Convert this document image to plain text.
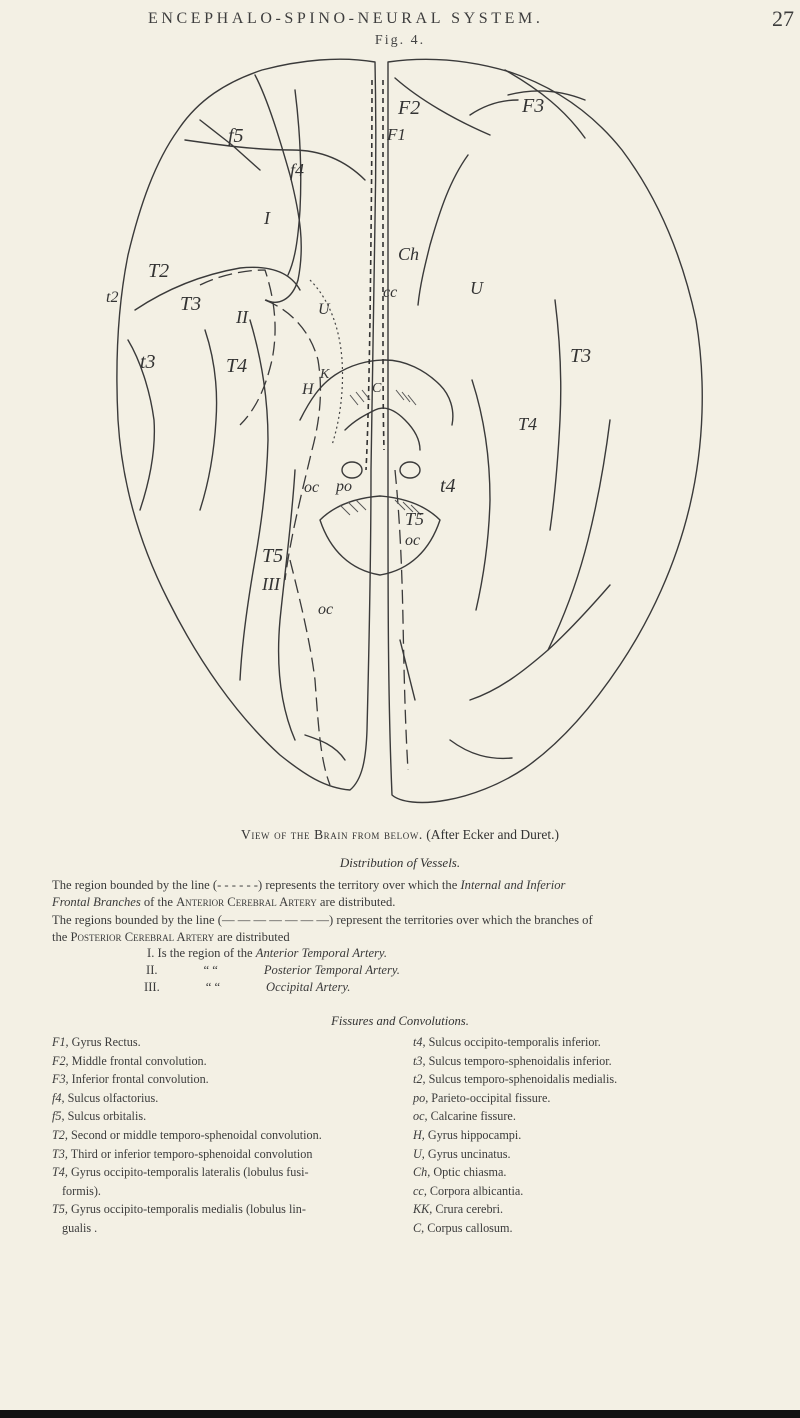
ENCEPHALO-SPINO-NEURAL SYSTEM.	27
Fig. 4.
f5
f4
F2
F1
F3
I
T2
t2	T3
II	U
Ch
cc	U
t3	T4	K
H	C
T3
T4
oc po	t4
T5
oc
T5
III
oc
View of the Brain from below. (After Ecker and Duret.)
Distribution of Vessels.
The region bounded by the line (- - - - - -) represents the territory over which the Internal and Inferior
Frontal Branches of the Anterior Cerebral Artery are distributed.
The regions bounded by the line (— — — — — — —) represent the territories over which the branches of
the Posterior Cerebral Artery are distributed
I. Is the region of the Anterior Temporal Artery.
II.	“ “	Posterior Temporal Artery.
III.	“ “	Occipital Artery.
Fissures and Convolutions.
F1, Gyrus Rectus.
F2, Middle frontal convolution.
F3, Inferior frontal convolution.
f4, Sulcus olfactorius.
f5, Sulcus orbitalis.
T2, Second or middle temporo-sphenoidal convolution.
T3, Third or inferior temporo-sphenoidal convolution
T4, Gyrus occipito-temporalis lateralis (lobulus fusi-
formis).
T5, Gyrus occipito-temporalis medialis (lobulus lin-
gualis .
t4, Sulcus occipito-temporalis inferior.
t3, Sulcus temporo-sphenoidalis inferior.
t2, Sulcus temporo-sphenoidalis medialis.
po, Parieto-occipital fissure.
oc, Calcarine fissure.
H, Gyrus hippocampi.
U, Gyrus uncinatus.
Ch, Optic chiasma.
cc, Corpora albicantia.
KK, Crura cerebri.
C, Corpus callosum.
